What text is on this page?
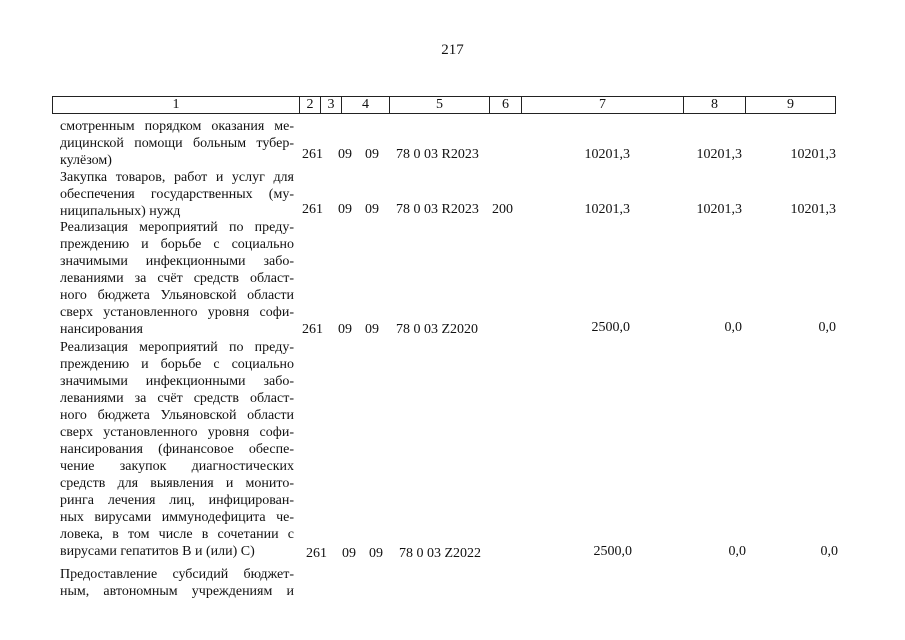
217
1	2	3	4	5	6	7	8	9
смотренным порядком оказания ме-
дицинской помощи больным тубер-
кулёзом)	261 09 09 78 0 03 R2023	10201,3	10201,3	10201,3
Закупка товаров, работ и услуг для
обеспечения государственных (му-
ниципальных) нужд	261 09 09 78 0 03 R2023 200	10201,3	10201,3	10201,3
Реализация мероприятий по преду-
преждению и борьбе с социально
значимыми инфекционными забо-
леваниями за счёт средств област-
ного бюджета Ульяновской области
сверх установленного уровня софи-
нансирования	261 09 09 78 0 03 Z2020	2500,0	0,0	0,0
Реализация мероприятий по преду-
преждению и борьбе с социально
значимыми инфекционными забо-
леваниями за счёт средств област-
ного бюджета Ульяновской области
сверх установленного уровня софи-
нансирования (финансовое обеспе-
чение закупок диагностических
средств для выявления и монито-
ринга лечения лиц, инфицирован-
ных вирусами иммунодефицита че-
ловека, в том числе в сочетании с
вирусами гепатитов В и (или) С)	261 09 09 78 0 03 Z2022	2500,0	0,0	0,0
Предоставление субсидий бюджет-
ным, автономным учреждениям и
